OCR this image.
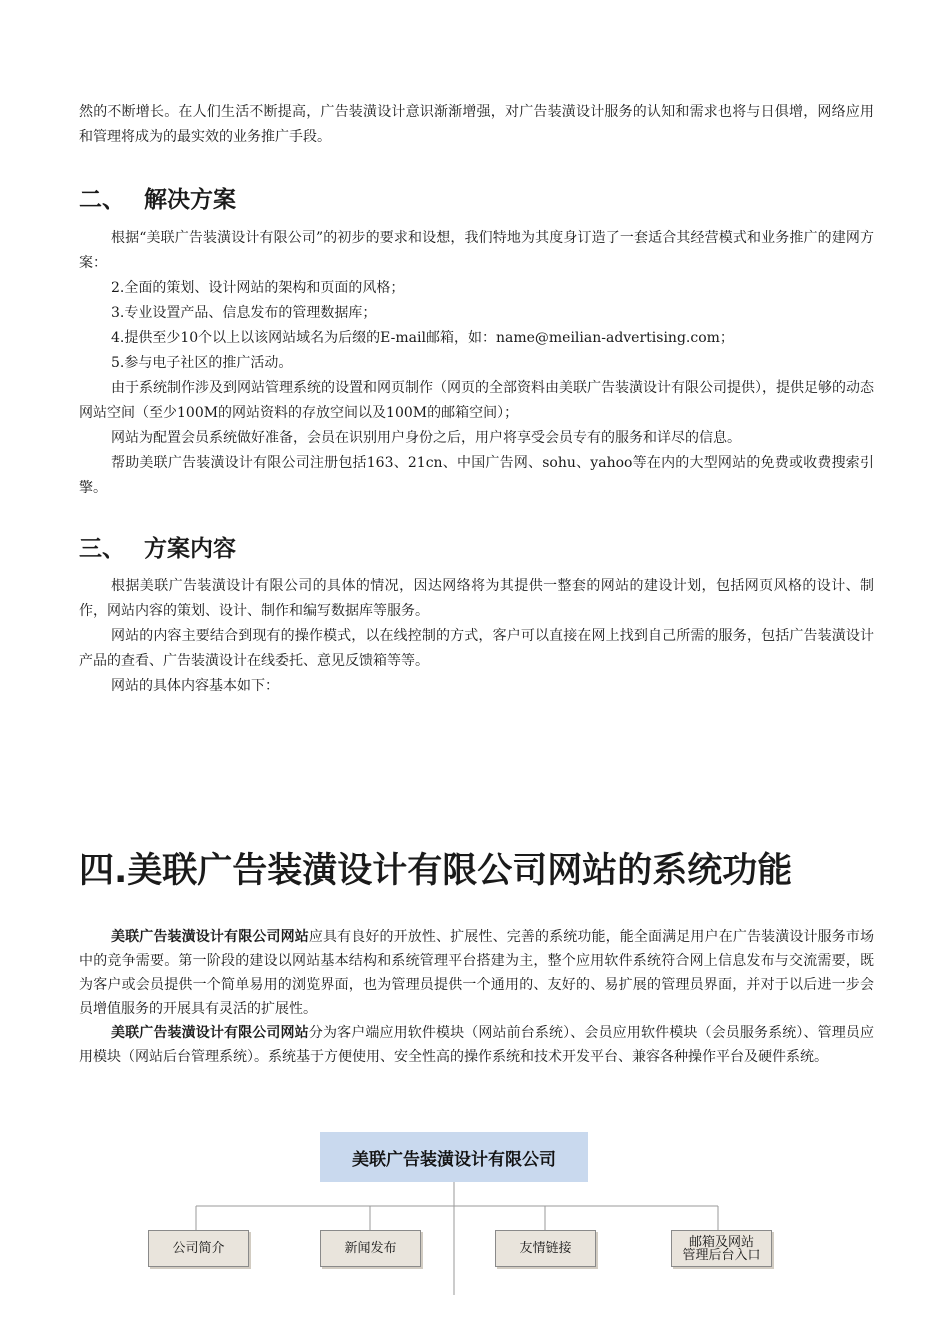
然的不断增长。在人们生活不断提高，广告装潢设计意识渐渐增强，对广告装潢设计服务的认知和需求也将与日俱增，网络应用和管理将成为的最实效的业务推广手段。

二、 解决方案

根据“美联广告装潢设计有限公司”的初步的要求和设想，我们特地为其度身订造了一套适合其经营模式和业务推广的建网方案：

2.全面的策划、设计网站的架构和页面的风格；

3.专业设置产品、信息发布的管理数据库；

4.提供至少10个以上以该网站域名为后缀的E-mail邮箱，如：name@meilian-advertising.com；

5.参与电子社区的推广活动。

由于系统制作涉及到网站管理系统的设置和网页制作（网页的全部资料由美联广告装潢设计有限公司提供），提供足够的动态网站空间（至少100M的网站资料的存放空间以及100M的邮箱空间）；

网站为配置会员系统做好准备，会员在识别用户身份之后，用户将享受会员专有的服务和详尽的信息。

帮助美联广告装潢设计有限公司注册包括163、21cn、中国广告网、sohu、yahoo等在内的大型网站的免费或收费搜索引擎。

三、 方案内容

根据美联广告装潢设计有限公司的具体的情况，因达网络将为其提供一整套的网站的建设计划，包括网页风格的设计、制作，网站内容的策划、设计、制作和编写数据库等服务。

网站的内容主要结合到现有的操作模式，以在线控制的方式，客户可以直接在网上找到自己所需的服务，包括广告装潢设计产品的查看、广告装潢设计在线委托、意见反馈箱等等。

网站的具体内容基本如下：

四.美联广告装潢设计有限公司网站的系统功能

美联广告装潢设计有限公司网站应具有良好的开放性、扩展性、完善的系统功能，能全面满足用户在广告装潢设计服务市场中的竞争需要。第一阶段的建设以网站基本结构和系统管理平台搭建为主，整个应用软件系统符合网上信息发布与交流需要，既为客户或会员提供一个简单易用的浏览界面，也为管理员提供一个通用的、友好的、易扩展的管理员界面，并对于以后进一步会员增值服务的开展具有灵活的扩展性。

美联广告装潢设计有限公司网站分为客户端应用软件模块（网站前台系统）、会员应用软件模块（会员服务系统）、管理员应用模块（网站后台管理系统）。系统基于方便使用、安全性高的操作系统和技术开发平台、兼容各种操作平台及硬件系统。

美联广告装潢设计有限公司
公司简介	新闻发布	友情链接	邮箱及网站
管理后台入口
